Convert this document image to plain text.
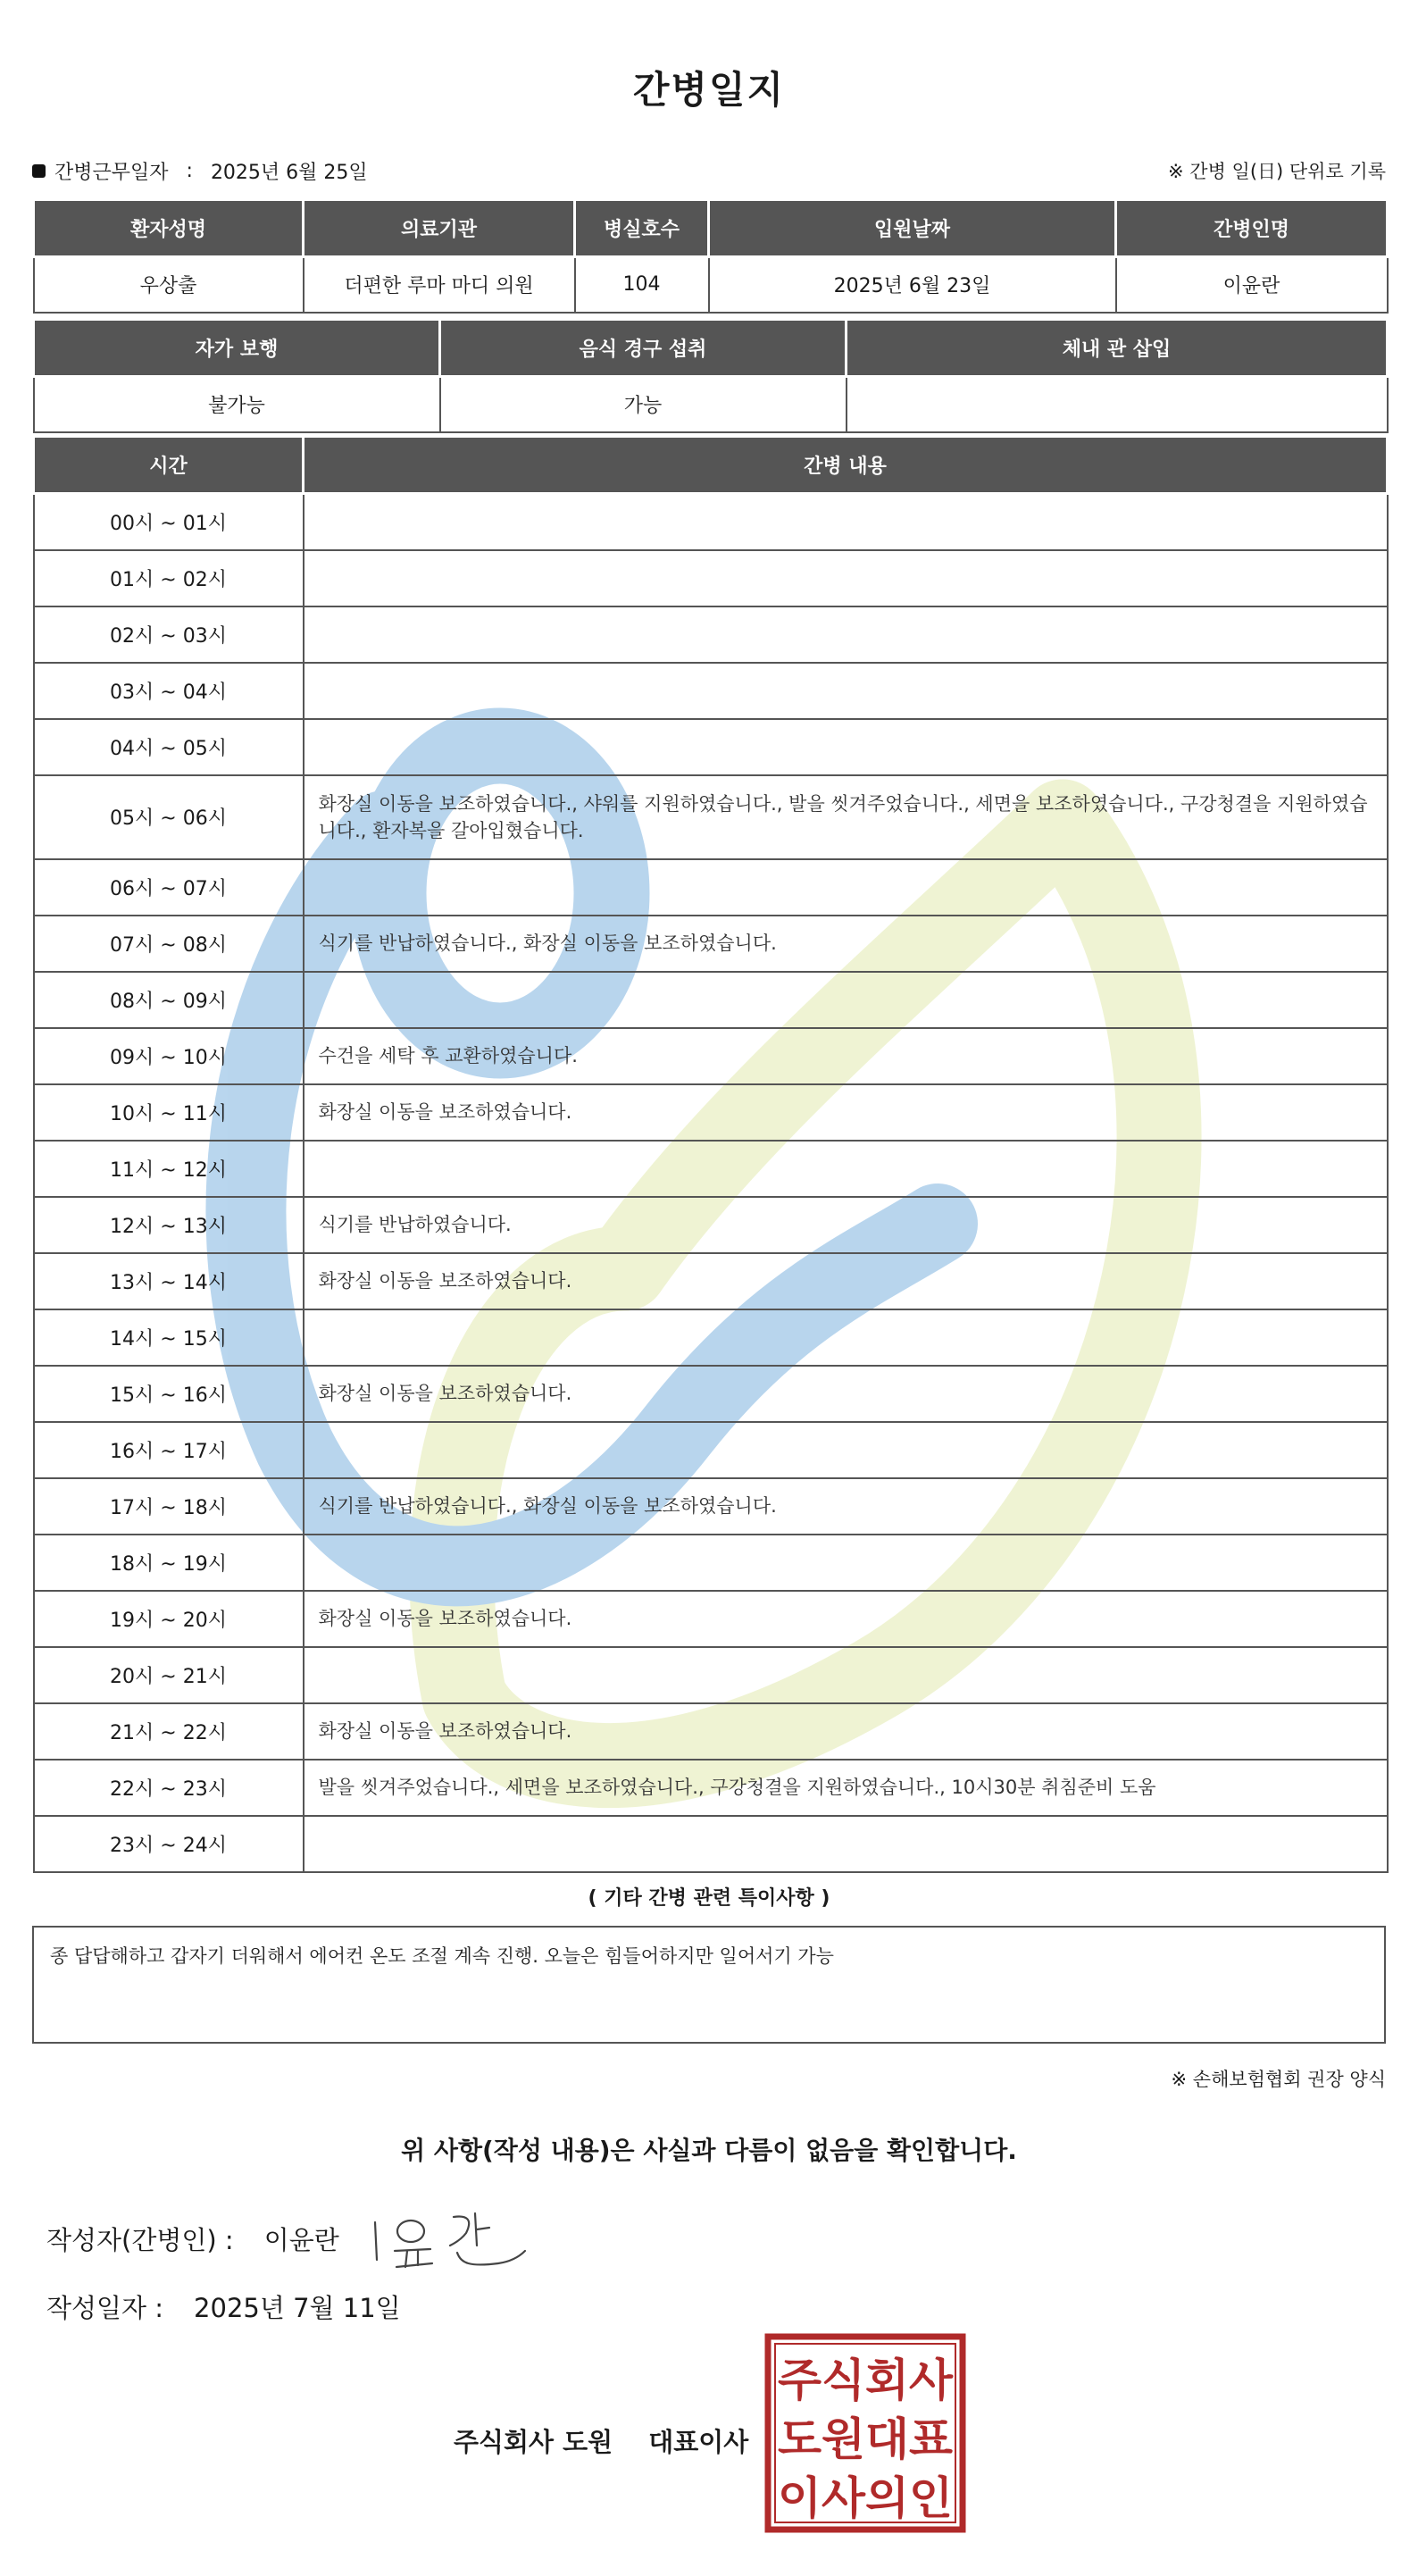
간병일지
간병근무일자 : 2025년 6월 25일	※ 간병 일(日) 단위로 기록
환자성명	의료기관	병실호수	입원날짜	간병인명
우상출	더편한 루마 마디 의원	104	2025년 6월 23일	이윤란
자가 보행	음식 경구 섭취	체내 관 삽입
불가능	가능	
시간	간병 내용
00시 ~ 01시	
01시 ~ 02시	
02시 ~ 03시	
03시 ~ 04시	
04시 ~ 05시	
05시 ~ 06시	화장실 이동을 보조하였습니다., 샤워를 지원하였습니다., 발을 씻겨주었습니다., 세면을 보조하였습니다., 구강청결을 지원하였습니다., 환자복을 갈아입혔습니다.
06시 ~ 07시	
07시 ~ 08시	식기를 반납하였습니다., 화장실 이동을 보조하였습니다.
08시 ~ 09시	
09시 ~ 10시	수건을 세탁 후 교환하였습니다.
10시 ~ 11시	화장실 이동을 보조하였습니다.
11시 ~ 12시	
12시 ~ 13시	식기를 반납하였습니다.
13시 ~ 14시	화장실 이동을 보조하였습니다.
14시 ~ 15시	
15시 ~ 16시	화장실 이동을 보조하였습니다.
16시 ~ 17시	
17시 ~ 18시	식기를 반납하였습니다., 화장실 이동을 보조하였습니다.
18시 ~ 19시	
19시 ~ 20시	화장실 이동을 보조하였습니다.
20시 ~ 21시	
21시 ~ 22시	화장실 이동을 보조하였습니다.
22시 ~ 23시	발을 씻겨주었습니다., 세면을 보조하였습니다., 구강청결을 지원하였습니다., 10시30분 취침준비 도움
23시 ~ 24시	
( 기타 간병 관련 특이사항 )
종 답답해하고 갑자기 더워해서 에어컨 온도 조절 계속 진행. 오늘은 힘들어하지만 일어서기 가능
※ 손해보험협회 권장 양식
위 사항(작성 내용)은 사실과 다름이 없음을 확인합니다.
작성자(간병인) : 이윤란
작성일자 : 2025년 7월 11일
주식회사 도원 대표이사
주식회사
도원대표
이사의인
